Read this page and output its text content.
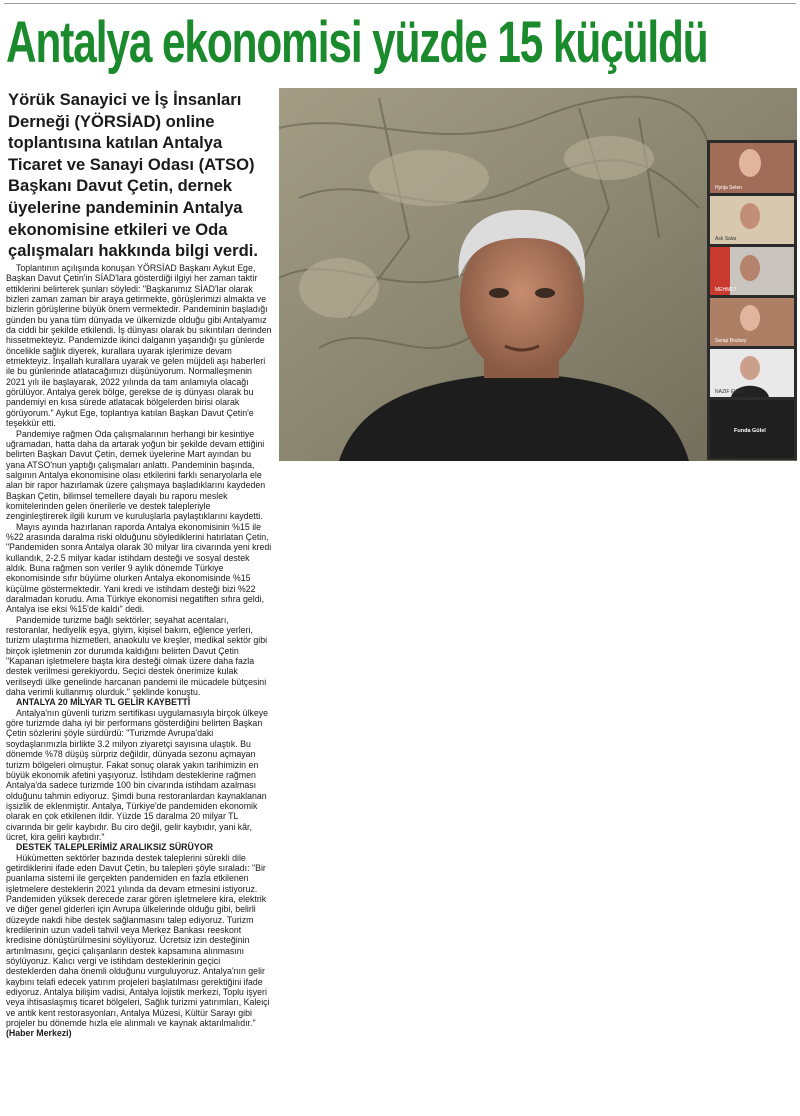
Antalya ekonomisi yüzde 15 küçüldü
Yörük Sanayici ve İş İnsanları Derneği (YÖRSİAD) online toplantısına katılan Antalya Ticaret ve Sanayi Odası (ATSO) Başkanı Davut Çetin, dernek üyelerine pandeminin Antalya ekonomisine etkileri ve Oda çalışmaları hakkında bilgi verdi.
Hyrija Selen
Aslı Salar
MEHMET
Serap Bozbey
NAZIF EKEN
Funda Gülel

Toplantının açılışında konuşan YÖRSİAD Başkanı Aykut Ege, Başkan Davut Çetin'in SİAD'lara gösterdiği ilgiyi her zaman taktir ettiklerini belirterek şunları söyledi: "Başkanımız SİAD'lar olarak bizleri zaman zaman bir araya getirmekte, görüşlerimizi almakta ve bizlerin görüşlerine büyük önem vermektedir. Pandeminin başladığı günden bu yana tüm dünyada ve ülkemizde olduğu gibi Antalyamız da ciddi bir şekilde etkilendi. İş dünyası olarak bu sıkıntıları derinden hissetmekteyiz. Pandemizde ikinci dalganın yaşandığı şu günlerde öncelikle sağlık diyerek, kurallara uyarak işlerimize devam etmekteyiz. İnşallah kurallara uyarak ve gelen müjdeli aşı haberleri ile bu günlerinde atlatacağımızı düşünüyorum. Normalleşmenin 2021 yılı ile başlayarak, 2022 yılında da tam anlamıyla olacağı görülüyor. Antalya gerek bölge, gerekse de iş dünyası olarak bu pandemiyi en kısa sürede atlatacak bölgelerden birisi olarak görüyorum." Aykut Ege, toplantıya katılan Başkan Davut Çetin'e teşekkür etti.

Pandemiye rağmen Oda çalışmalarının herhangi bir kesintiye uğramadan, hatta daha da artarak yoğun bir şekilde devam ettiğini belirten Başkan Davut Çetin, dernek üyelerine Mart ayından bu yana ATSO'nun yaptığı çalışmaları anlattı. Pandeminin başında, salgının Antalya ekonomisine olası etkilerini farklı senaryolarla ele alan bir rapor hazırlamak üzere çalışmaya başladıklarını kaydeden Başkan Çetin, bilimsel temellere dayalı bu raporu meslek komitelerinden gelen önerilerle ve destek talepleriyle zenginleştirerek ilgili kurum ve kuruluşlarla paylaştıklarını kaydetti.

Mayıs ayında hazırlanan raporda Antalya ekonomisinin %15 ile %22 arasında daralma riski olduğunu söylediklerini hatırlatan Çetin, "Pandemiden sonra Antalya olarak 30 milyar lira civarında yeni kredi kullandık, 2-2.5 milyar kadar istihdam desteği ve sosyal destek aldık. Buna rağmen son veriler 9 aylık dönemde Türkiye ekonomisinde sıfır büyüme olurken Antalya ekonomisinde %15 küçülme göstermektedir. Yani kredi ve istihdam desteği bizi %22 daralmadan korudu. Ama Türkiye ekonomisi negatiften sıfıra geldi, Antalya ise eksi %15'de kaldı" dedi.

Pandemide turizme bağlı sektörler; seyahat acentaları, restoranlar, hediyelik eşya, giyim, kişisel bakım, eğlence yerleri, turizm ulaştırma hizmetleri, anaokulu ve kreşler, medikal sektör gibi birçok işletmenin zor durumda kaldığını belirten Davut Çetin "Kapanan işletmelere başta kira desteği olmak üzere daha fazla destek verilmesi gerekiyordu. Seçici destek önerimize kulak verilseydi ülke genelinde harcanan pandemi ile mücadele bütçesini daha verimli kullanmış olurduk." şeklinde konuştu.

ANTALYA 20 MİLYAR TL GELİR KAYBETTİ

Antalya'nın güvenli turizm sertifikası uygulamasıyla birçok ülkeye göre turizmde daha iyi bir performans gösterdiğini belirten Başkan Çetin sözlerini şöyle sürdürdü: "Turizmde Avrupa'daki soydaşlarımızla birlikte 3.2 milyon ziyaretçi sayısına ulaştık. Bu dönemde %78 düşüş sürpriz değildir, dünyada sezonu açmayan turizm bölgeleri olmuştur. Fakat sonuç olarak yakın tarihimizin en büyük ekonomik afetini yaşıyoruz. İstihdam desteklerine rağmen Antalya'da sadece turizmde 100 bin civarında istihdam azalması olduğunu tahmin ediyoruz. Şimdi buna restoranlardan kaynaklanan işsizlik de eklenmiştir. Antalya, Türkiye'de pandemiden ekonomik olarak en çok etkilenen ildir. Yüzde 15 daralma 20 milyar TL civarında bir gelir kaybıdır. Bu ciro değil, gelir kaybıdır, yani kâr, ücret, kira geliri kaybıdır."

DESTEK TALEPLERİMİZ ARALIKSIZ SÜRÜYOR

Hükümetten sektörler bazında destek taleplerini sürekli dile getirdiklerini ifade eden Davut Çetin, bu talepleri şöyle sıraladı: "Bir puanlama sistemi ile gerçekten pandemiden en fazla etkilenen işletmelere desteklerin 2021 yılında da devam etmesini istiyoruz. Pandemiden yüksek derecede zarar gören işletmelere kira, elektrik ve diğer genel giderleri için Avrupa ülkelerinde olduğu gibi, belirli düzeyde nakdi hibe destek sağlanmasını talep ediyoruz. Turizm kredilerinin uzun vadeli tahvil veya Merkez Bankası reeskont kredisine dönüştürülmesini söylüyoruz. Ücretsiz izin desteğinin artırılmasını, geçici çalışanların destek kapsamına alınmasını söylüyoruz. Kalıcı vergi ve istihdam desteklerinin geçici desteklerden daha önemli olduğunu vurguluyoruz. Antalya'nın gelir kaybını telafi edecek yatırım projeleri başlatılması gerektiğini ifade ediyoruz. Antalya bilişim vadisi, Antalya lojistik merkezi, Toplu işyeri veya ihtisaslaşmış ticaret bölgeleri, Sağlık turizmi yatırımları, Kaleiçi ve antik kent restorasyonları, Antalya Müzesi, Kültür Sarayı gibi projeler bu dönemde hızla ele alınmalı ve kaynak aktarılmalıdır." (Haber Merkezi)
